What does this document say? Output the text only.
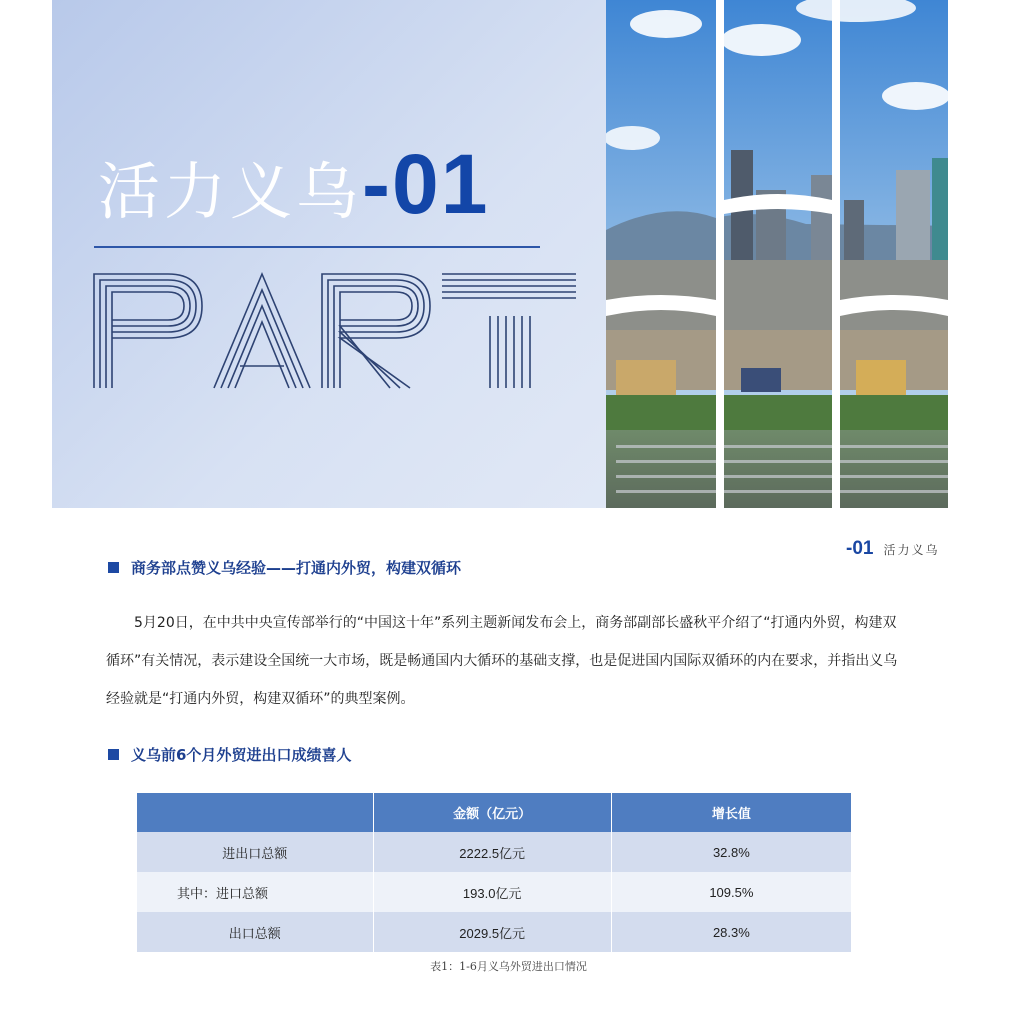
活力义乌-01
商务部点赞义乌经验——打通内外贸，构建双循环
-01 活力义乌

5月20日，在中共中央宣传部举行的“中国这十年”系列主题新闻发布会上，商务部副部长盛秋平介绍了“打通内外贸，构建双循环”有关情况，表示建设全国统一大市场，既是畅通国内大循环的基础支撑，也是促进国内国际双循环的内在要求，并指出义乌经验就是“打通内外贸，构建双循环”的典型案例。

义乌前6个月外贸进出口成绩喜人
	金额（亿元）	增长值
进出口总额	2222.5亿元	32.8%
其中：进口总额	193.0亿元	109.5%
出口总额	2029.5亿元	28.3%
表1：1-6月义乌外贸进出口情况
